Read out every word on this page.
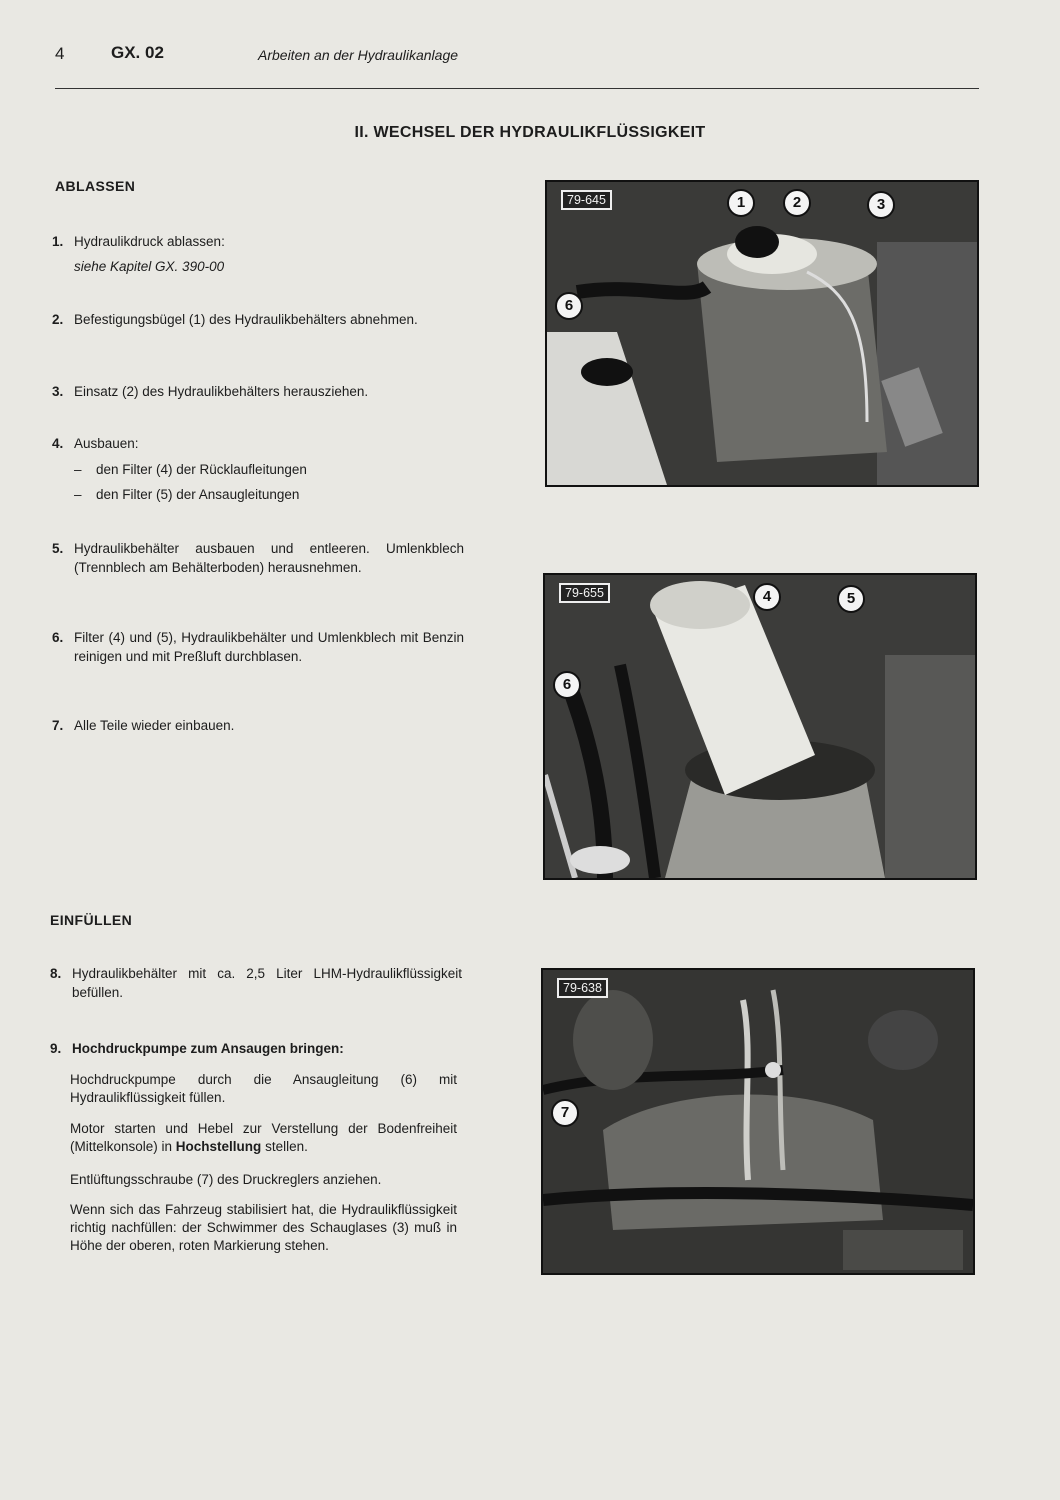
4	GX. 02	Arbeiten an der Hydraulikanlage
II. WECHSEL DER HYDRAULIKFLÜSSIGKEIT
ABLASSEN
1. Hydraulikdruck ablassen:
siehe Kapitel GX. 390-00
2. Befestigungsbügel (1) des Hydraulikbehälters abnehmen.
3. Einsatz (2) des Hydraulikbehälters herausziehen.
4. Ausbauen:
–	den Filter (4) der Rücklaufleitungen
–	den Filter (5) der Ansaugleitungen
5. Hydraulikbehälter ausbauen und entleeren. Umlenkblech (Trennblech am Behälterboden) herausnehmen.
6. Filter (4) und (5), Hydraulikbehälter und Umlenkblech mit Benzin reinigen und mit Preßluft durchblasen.
7. Alle Teile wieder einbauen.
EINFÜLLEN
8. Hydraulikbehälter mit ca. 2,5 Liter LHM-Hydraulikflüssigkeit befüllen.
9. Hochdruckpumpe zum Ansaugen bringen:
Hochdruckpumpe durch die Ansaugleitung (6) mit Hydraulikflüssigkeit füllen.
Motor starten und Hebel zur Verstellung der Bodenfreiheit (Mittelkonsole) in Hochstellung stellen.
Entlüftungsschraube (7) des Druckreglers anziehen.
Wenn sich das Fahrzeug stabilisiert hat, die Hydraulikflüssigkeit richtig nachfüllen: der Schwimmer des Schauglases (3) muß in Höhe der oberen, roten Markierung stehen.
79-645	1	2	3
6
79-655	4	5
6
79-638
7
